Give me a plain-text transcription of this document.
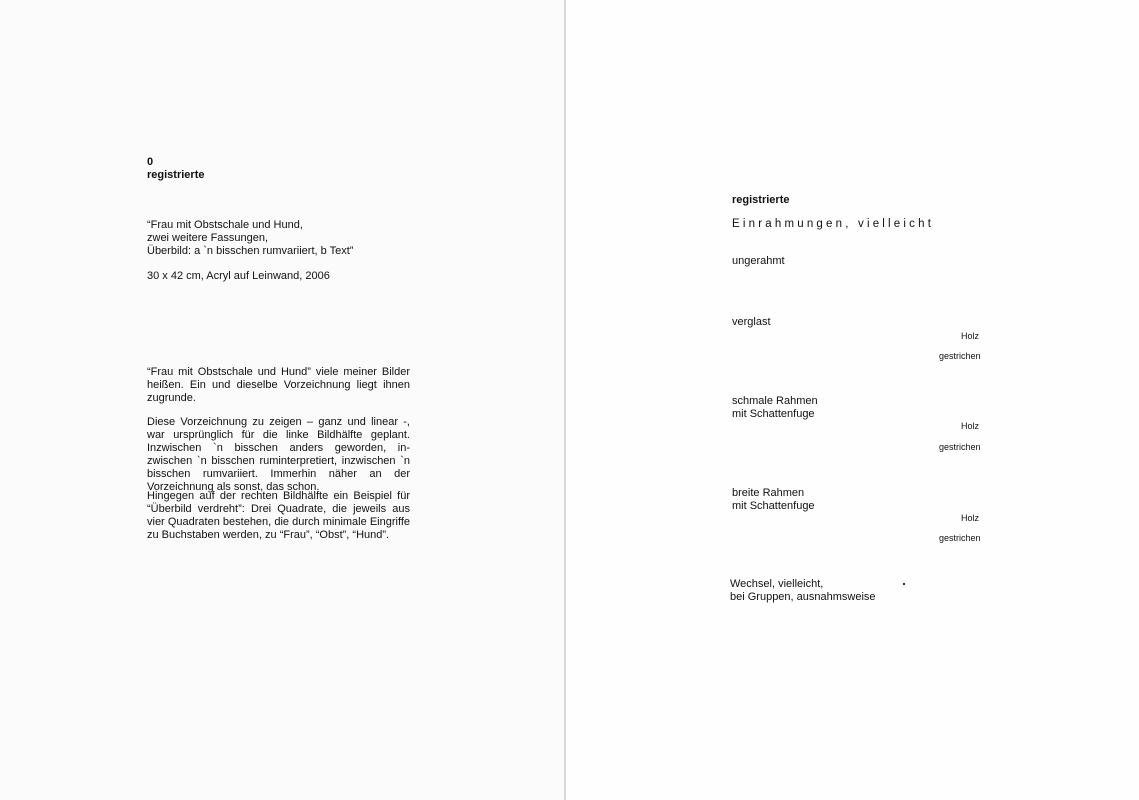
0
registrierte
“Frau mit Obstschale und Hund,
zwei weitere Fassungen,
Überbild: a `n bisschen rumvariiert, b Text”
30 x 42 cm, Acryl auf Leinwand, 2006
“Frau mit Obstschale und Hund” viele meiner Bilder heißen. Ein und dieselbe Vorzeichnung liegt ihnen zugrunde.
Diese Vorzeichnung zu zeigen – ganz und linear -, war ursprünglich für die linke Bildhälfte geplant. Inzwischen `n bisschen anders geworden, in-zwischen `n bisschen ruminterpretiert, inzwischen `n bisschen rumvariiert. Immerhin näher an der Vorzeichnung als sonst, das schon.
Hingegen auf der rechten Bildhälfte ein Beispiel für “Überbild verdreht”: Drei Quadrate, die jeweils aus vier Quadraten bestehen, die durch minimale Eingriffe zu Buchstaben werden, zu “Frau”, “Obst”, “Hund”.
registrierte
Einrahmungen, vielleicht
ungerahmt
verglast
Holz
gestrichen
schmale Rahmen
mit Schattenfuge
Holz
gestrichen
breite Rahmen
mit Schattenfuge
Holz
gestrichen
Wechsel, vielleicht,
bei Gruppen, ausnahmsweise
